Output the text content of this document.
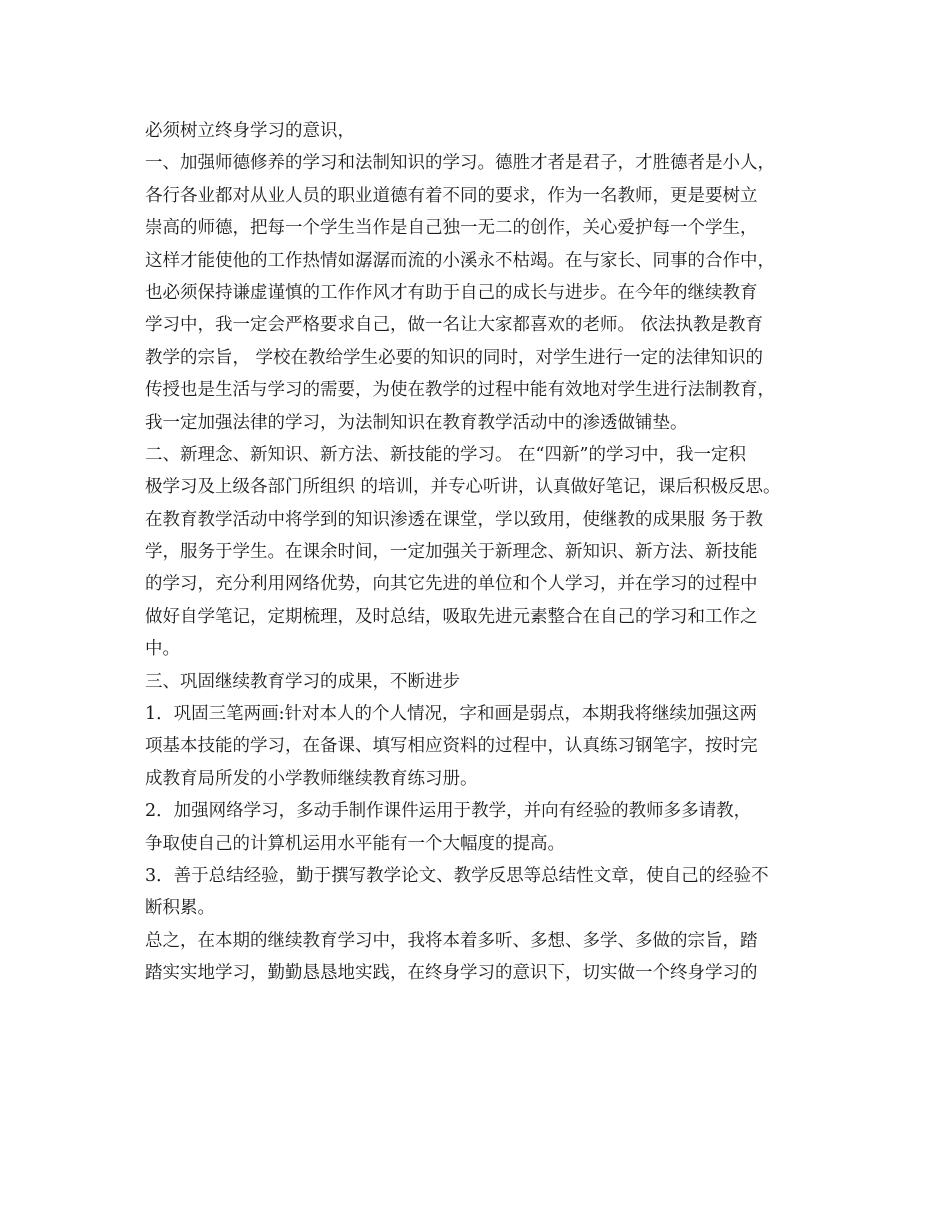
必须树立终身学习的意识，
一、加强师德修养的学习和法制知识的学习。德胜才者是君子，才胜德者是小人，
各行各业都对从业人员的职业道德有着不同的要求，作为一名教师，更是要树立
崇高的师德，把每一个学生当作是自己独一无二的创作，关心爱护每一个学生，
这样才能使他的工作热情如潺潺而流的小溪永不枯竭。在与家长、同事的合作中，
也必须保持谦虚谨慎的工作作风才有助于自己的成长与进步。在今年的继续教育
学习中，我一定会严格要求自己，做一名让大家都喜欢的老师。 依法执教是教育
教学的宗旨， 学校在教给学生必要的知识的同时，对学生进行一定的法律知识的
传授也是生活与学习的需要，为使在教学的过程中能有效地对学生进行法制教育，
我一定加强法律的学习，为法制知识在教育教学活动中的渗透做铺垫。
二、新理念、新知识、新方法、新技能的学习。 在“四新”的学习中，我一定积
极学习及上级各部门所组织 的培训，并专心听讲，认真做好笔记，课后积极反思。
在教育教学活动中将学到的知识渗透在课堂，学以致用，使继教的成果服 务于教
学，服务于学生。在课余时间，一定加强关于新理念、新知识、新方法、新技能
的学习，充分利用网络优势，向其它先进的单位和个人学习，并在学习的过程中
做好自学笔记，定期梳理，及时总结，吸取先进元素整合在自己的学习和工作之
中。
三、巩固继续教育学习的成果，不断进步
1．巩固三笔两画:针对本人的个人情况，字和画是弱点，本期我将继续加强这两
项基本技能的学习，在备课、填写相应资料的过程中，认真练习钢笔字，按时完
成教育局所发的小学教师继续教育练习册。
2．加强网络学习，多动手制作课件运用于教学，并向有经验的教师多多请教，
争取使自己的计算机运用水平能有一个大幅度的提高。
3．善于总结经验，勤于撰写教学论文、教学反思等总结性文章，使自己的经验不
断积累。
总之，在本期的继续教育学习中，我将本着多听、多想、多学、多做的宗旨，踏
踏实实地学习，勤勤恳恳地实践，在终身学习的意识下，切实做一个终身学习的
